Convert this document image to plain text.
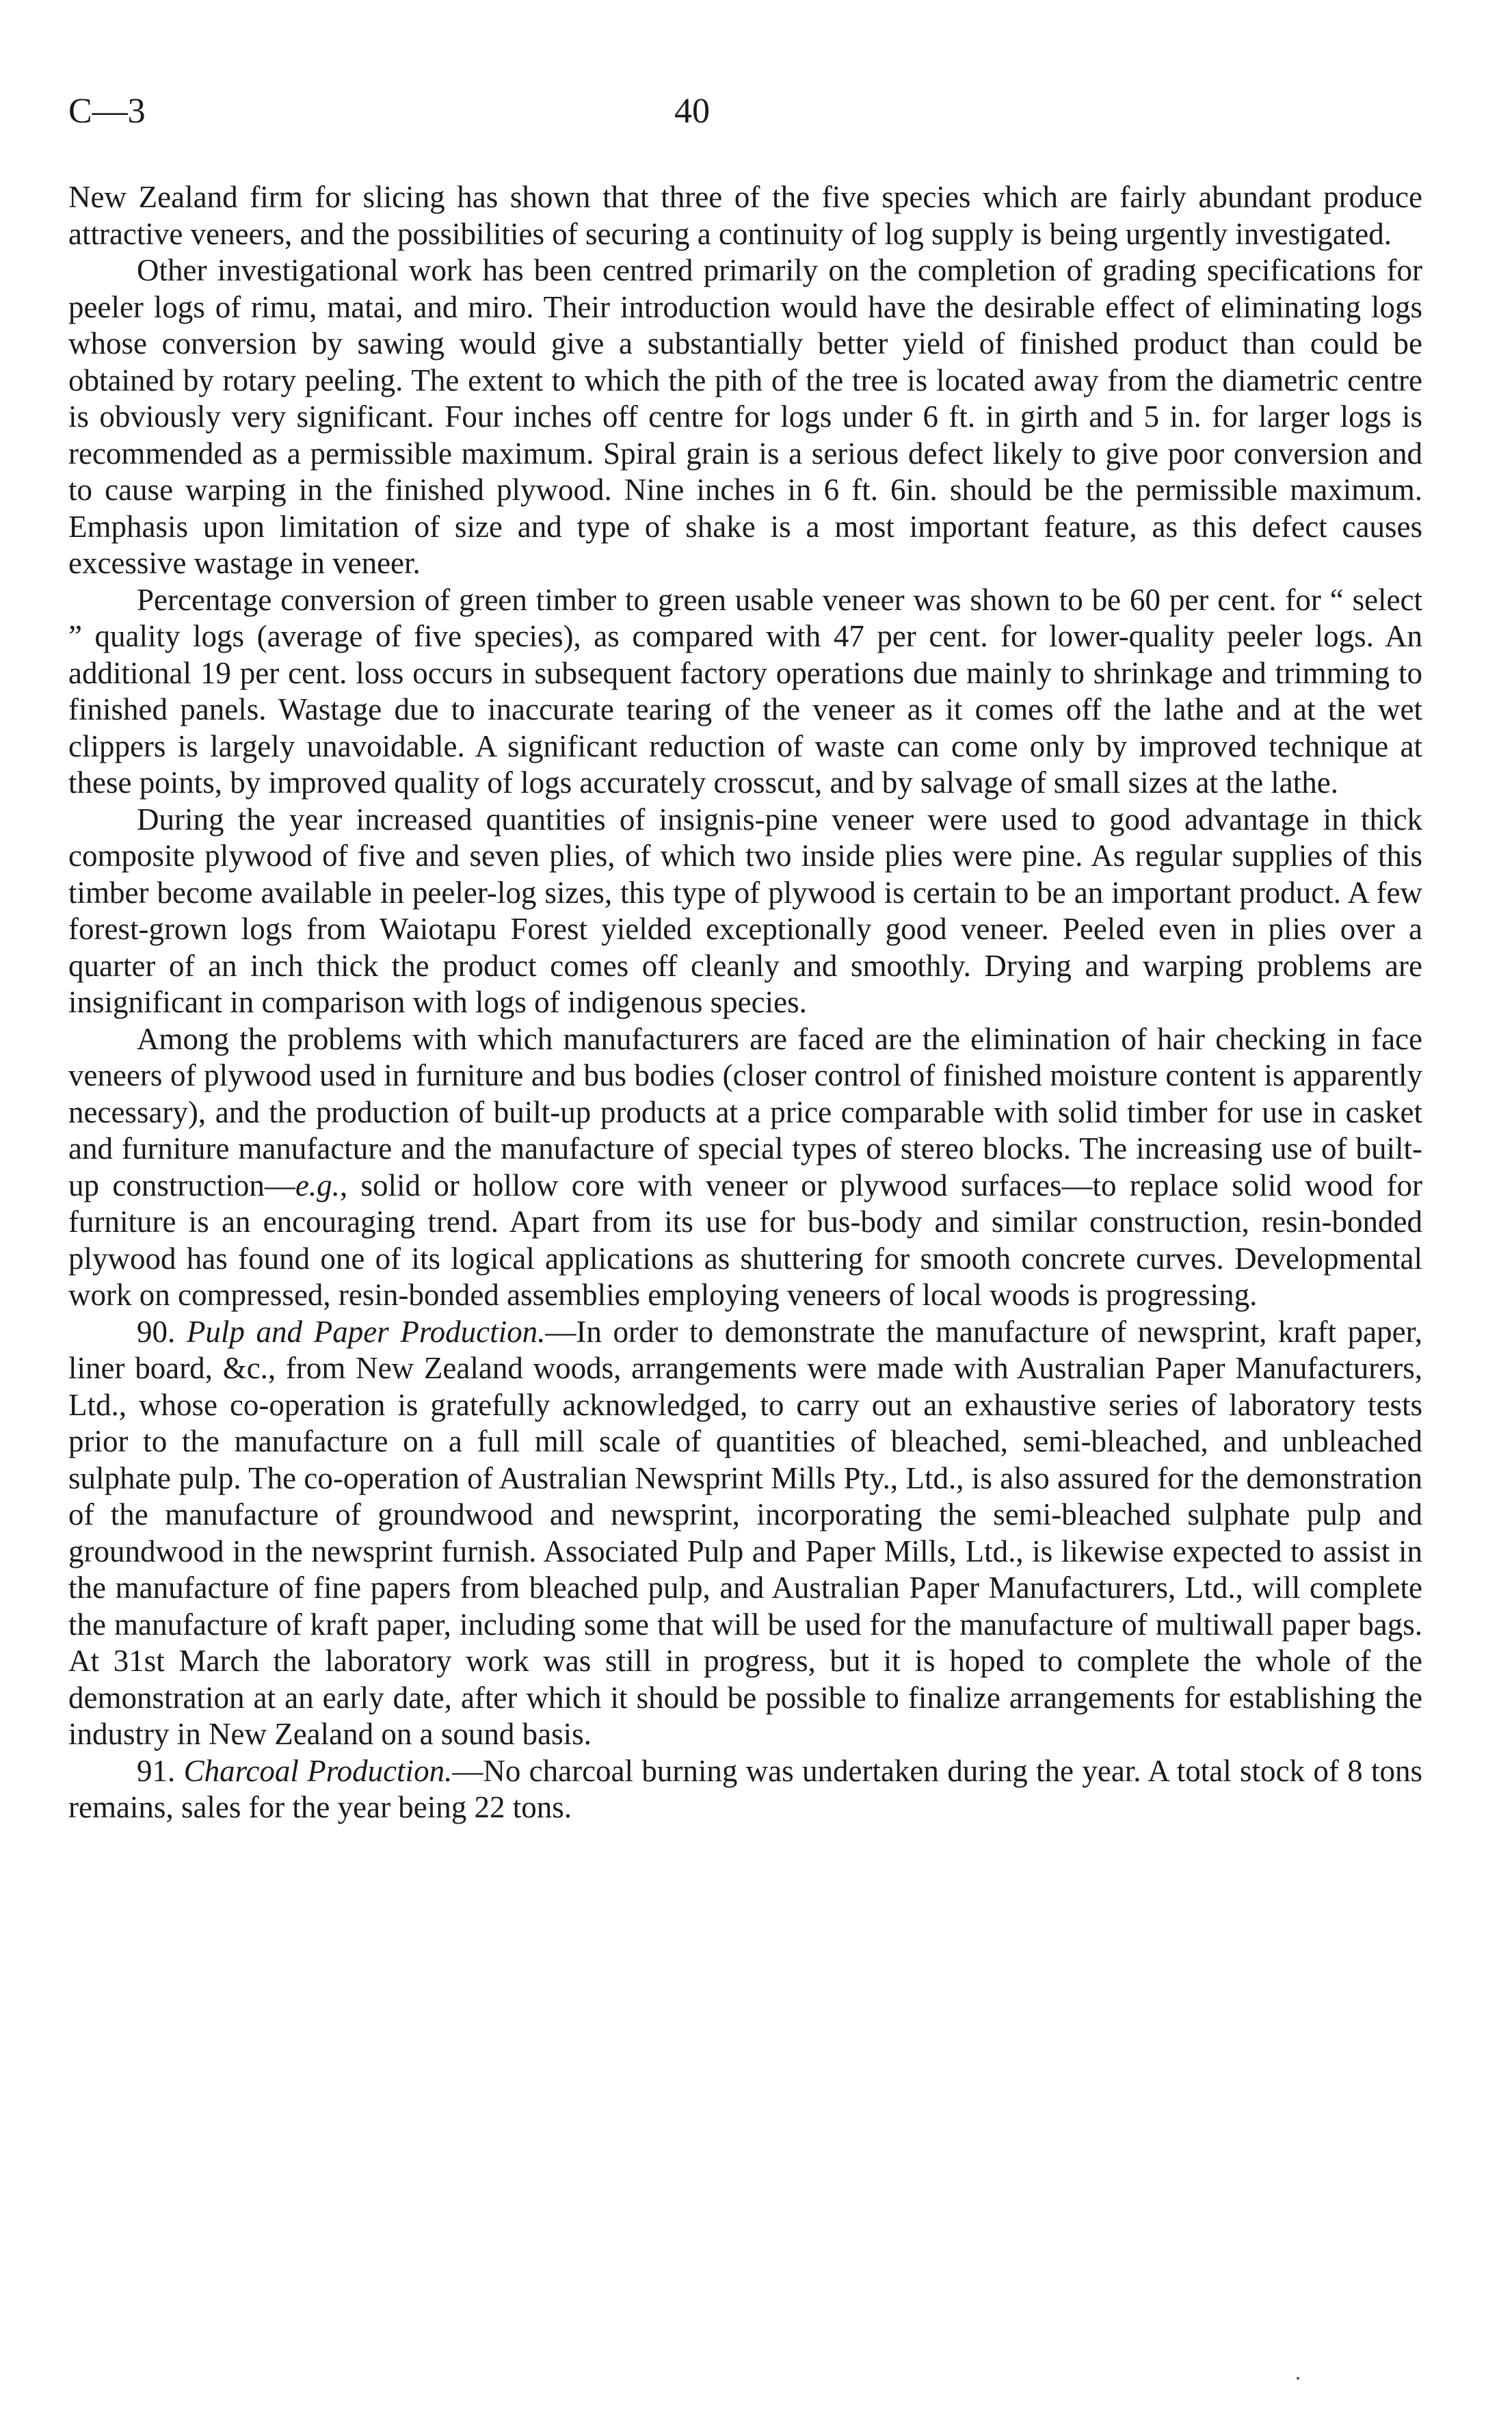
C—3	40

New Zealand firm for slicing has shown that three of the five species which are fairly abundant produce attractive veneers, and the possibilities of securing a continuity of log supply is being urgently investigated.

Other investigational work has been centred primarily on the completion of grading specifications for peeler logs of rimu, matai, and miro. Their introduction would have the desirable effect of eliminating logs whose conversion by sawing would give a substantially better yield of finished product than could be obtained by rotary peeling. The extent to which the pith of the tree is located away from the diametric centre is obviously very significant. Four inches off centre for logs under 6 ft. in girth and 5 in. for larger logs is recommended as a permissible maximum. Spiral grain is a serious defect likely to give poor conversion and to cause warping in the finished plywood. Nine inches in 6 ft. 6in. should be the permissible maximum. Emphasis upon limitation of size and type of shake is a most important feature, as this defect causes excessive wastage in veneer.

Percentage conversion of green timber to green usable veneer was shown to be 60 per cent. for “ select ” quality logs (average of five species), as compared with 47 per cent. for lower-quality peeler logs. An additional 19 per cent. loss occurs in subsequent factory operations due mainly to shrinkage and trimming to finished panels. Wastage due to inaccurate tearing of the veneer as it comes off the lathe and at the wet clippers is largely unavoidable. A significant reduction of waste can come only by improved technique at these points, by improved quality of logs accurately crosscut, and by salvage of small sizes at the lathe.

During the year increased quantities of insignis-pine veneer were used to good advantage in thick composite plywood of five and seven plies, of which two inside plies were pine. As regular supplies of this timber become available in peeler-log sizes, this type of plywood is certain to be an important product. A few forest-grown logs from Waiotapu Forest yielded exceptionally good veneer. Peeled even in plies over a quarter of an inch thick the product comes off cleanly and smoothly. Drying and warping problems are insignificant in comparison with logs of indigenous species.

Among the problems with which manufacturers are faced are the elimination of hair checking in face veneers of plywood used in furniture and bus bodies (closer control of finished moisture content is apparently necessary), and the production of built-up products at a price comparable with solid timber for use in casket and furniture manufacture and the manufacture of special types of stereo blocks. The increasing use of built-up construction—e.g., solid or hollow core with veneer or plywood surfaces—to replace solid wood for furniture is an encouraging trend. Apart from its use for bus-body and similar construction, resin-bonded plywood has found one of its logical applications as shuttering for smooth concrete curves. Developmental work on compressed, resin-bonded assemblies employing veneers of local woods is progressing.

90. Pulp and Paper Production.—In order to demonstrate the manufacture of newsprint, kraft paper, liner board, &c., from New Zealand woods, arrangements were made with Australian Paper Manufacturers, Ltd., whose co-operation is gratefully acknowledged, to carry out an exhaustive series of laboratory tests prior to the manufacture on a full mill scale of quantities of bleached, semi-bleached, and unbleached sulphate pulp. The co-operation of Australian Newsprint Mills Pty., Ltd., is also assured for the demonstration of the manufacture of groundwood and newsprint, incorporating the semi-bleached sulphate pulp and groundwood in the newsprint furnish. Associated Pulp and Paper Mills, Ltd., is likewise expected to assist in the manufacture of fine papers from bleached pulp, and Australian Paper Manufacturers, Ltd., will complete the manufacture of kraft paper, including some that will be used for the manufacture of multiwall paper bags. At 31st March the laboratory work was still in progress, but it is hoped to complete the whole of the demonstration at an early date, after which it should be possible to finalize arrangements for establishing the industry in New Zealand on a sound basis.

91. Charcoal Production.—No charcoal burning was undertaken during the year. A total stock of 8 tons remains, sales for the year being 22 tons.
